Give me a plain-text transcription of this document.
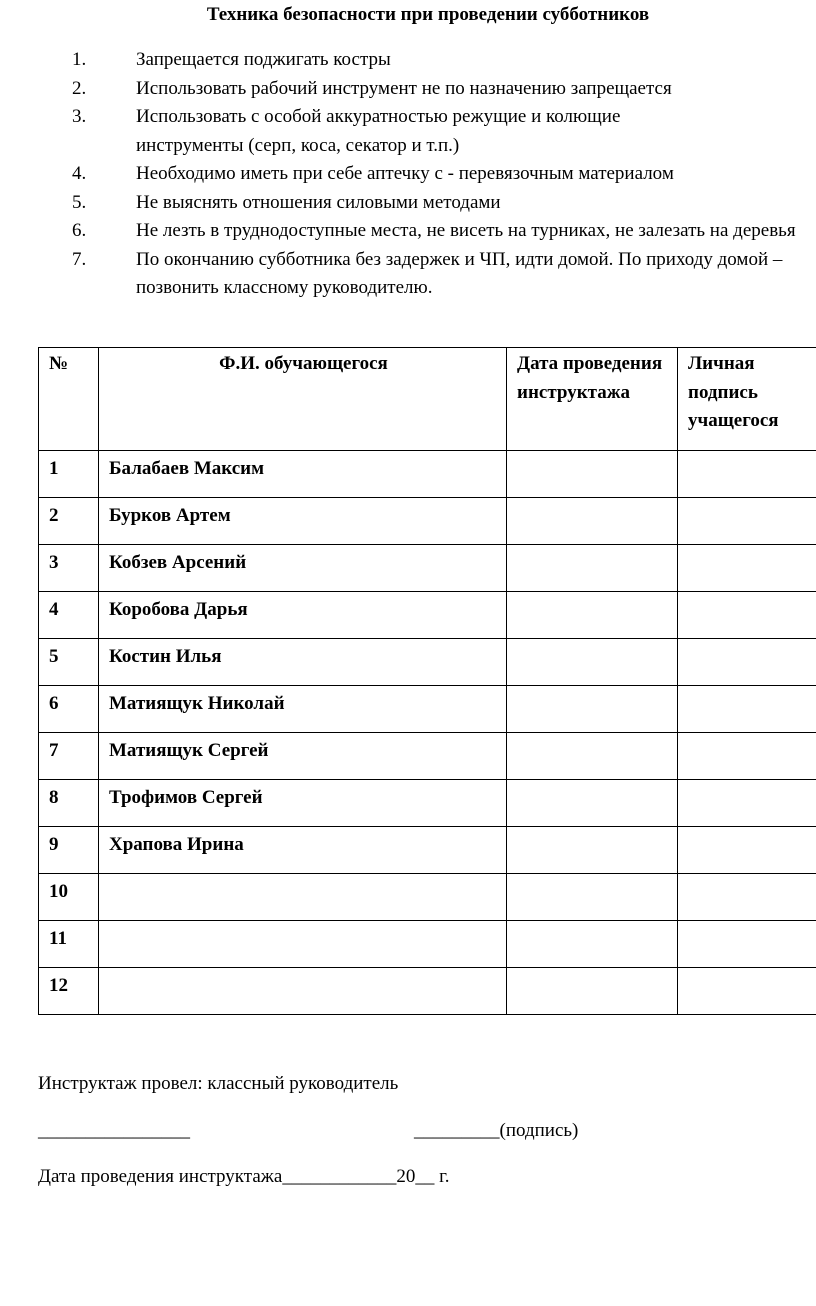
Техника безопасности при проведении субботников
1.	Запрещается поджигать костры
2.	Использовать рабочий инструмент не по назначению запрещается
3.	Использовать с особой аккуратностью режущие и колющие инструменты (серп, коса, секатор и т.п.)
4.	Необходимо иметь при себе аптечку с - перевязочным материалом
5.	Не выяснять отношения силовыми методами
6.	Не лезть в труднодоступные места, не висеть на турниках, не залезать на деревья
7.	По окончанию субботника без задержек и ЧП, идти домой. По приходу домой – позвонить классному руководителю.
№	Ф.И. обучающегося	Дата проведения инструктажа	Личная подпись учащегося
1	Балабаев Максим		
2	Бурков Артем		
3	Кобзев Арсений		
4	Коробова Дарья		
5	Костин Илья		
6	Матиящук Николай		
7	Матиящук Сергей		
8	Трофимов Сергей		
9	Храпова Ирина		
10			
11			
12			
Инструктаж провел: классный руководитель
________________	_________(подпись)
Дата проведения инструктажа____________20__ г.
